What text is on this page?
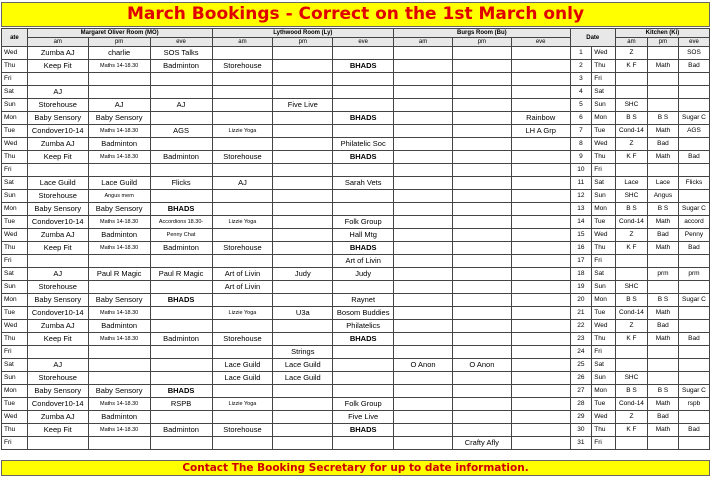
March Bookings - Correct on the 1st March only
ate	Margaret Oliver Room (MO)			Lythwood Room (Ly)			Burgs Room (Bu)			Date		Kitchen (Ki)		
	am	pm	eve	am	pm	eve	am	pm	eve			am	pm	eve
Wed	Zumba AJ	charlie	SOS Talks							1	Wed	Z		SOS
Thu	Keep Fit	Maths 14-18.30	Badminton	Storehouse		BHADS				2	Thu	K F	Math	Bad
Fri										3	Fri			
Sat	AJ									4	Sat			
Sun	Storehouse	AJ	AJ		Five Live					5	Sun	SHC		
Mon	Baby Sensory	Baby Sensory				BHADS			Rainbow	6	Mon	B S	B S	Sugar C
Tue	Condover10-14	Maths 14-18.30	AGS	Lizzie Yoga					LH A Grp	7	Tue	Cond-14	Math	AGS
Wed	Zumba AJ	Badminton				Philatelic Soc				8	Wed	Z	Bad	
Thu	Keep Fit	Maths 14-18.30	Badminton	Storehouse		BHADS				9	Thu	K F	Math	Bad
Fri										10	Fri			
Sat	Lace Guild	Lace Guild	Flicks	AJ		Sarah Vets				11	Sat	Lace	Lace	Flicks
Sun	Storehouse	Angus mem								12	Sun	SHC	Angus	
Mon	Baby Sensory	Baby Sensory	BHADS							13	Mon	B S	B S	Sugar C
Tue	Condover10-14	Maths 14-18.30	Accordions 18.30-	Lizzie Yoga		Folk Group				14	Tue	Cond-14	Math	accord
Wed	Zumba AJ	Badminton	Penny Chat			Hall Mtg				15	Wed	Z	Bad	Penny
Thu	Keep Fit	Maths 14-18.30	Badminton	Storehouse		BHADS				16	Thu	K F	Math	Bad
Fri						Art of Livin				17	Fri			
Sat	AJ	Paul R Magic	Paul R Magic	Art of Livin	Judy	Judy				18	Sat		prm	prm
Sun	Storehouse			Art of Livin						19	Sun	SHC		
Mon	Baby Sensory	Baby Sensory	BHADS			Raynet				20	Mon	B S	B S	Sugar C
Tue	Condover10-14	Maths 14-18.30		Lizzie Yoga	U3a	Bosom Buddies				21	Tue	Cond-14	Math	
Wed	Zumba AJ	Badminton				Philatelics				22	Wed	Z	Bad	
Thu	Keep Fit	Maths 14-18.30	Badminton	Storehouse		BHADS				23	Thu	K F	Math	Bad
Fri					Strings					24	Fri			
Sat	AJ			Lace Guild	Lace Guild		O Anon	O Anon		25	Sat			
Sun	Storehouse			Lace Guild	Lace Guild					26	Sun	SHC		
Mon	Baby Sensory	Baby Sensory	BHADS							27	Mon	B S	B S	Sugar C
Tue	Condover10-14	Maths 14-18.30	RSPB	Lizzie Yoga		Folk Group				28	Tue	Cond-14	Math	rspb
Wed	Zumba AJ	Badminton				Five Live				29	Wed	Z	Bad	
Thu	Keep Fit	Maths 14-18.30	Badminton	Storehouse		BHADS				30	Thu	K F	Math	Bad
Fri								Crafty Afly		31	Fri			
Contact The Booking Secretary for up to date information.
